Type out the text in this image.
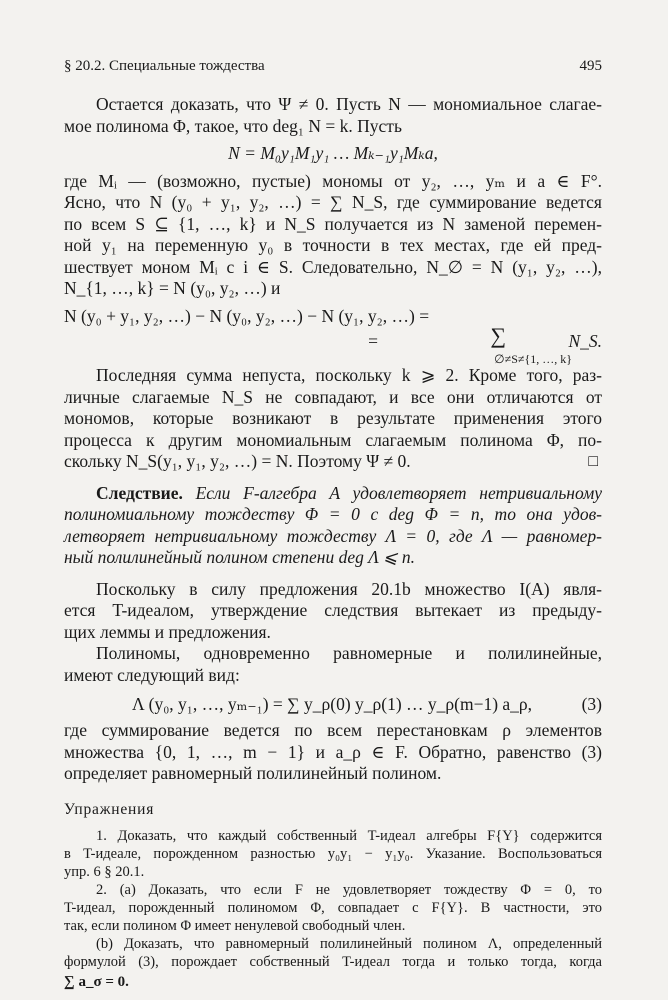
§ 20.2. Специальные тождества	495
Остается доказать, что Ψ ≠ 0. Пусть N — мономиальное слагае-
мое полинома Φ, такое, что deg₁ N = k. Пусть
N = M₀y₁M₁y₁ … Mₖ₋₁y₁Mₖa,
где Mᵢ — (возможно, пустые) мономы от y₂, …, yₘ и a ∈ F°.
Ясно, что N (y₀ + y₁, y₂, …) = ∑ N_S, где суммирование ведется
по всем S ⊆ {1, …, k} и N_S получается из N заменой перемен-
ной y₁ на переменную y₀ в точности в тех местах, где ей пред-
шествует моном Mᵢ с i ∈ S. Следовательно, N_∅ = N (y₁, y₂, …),
N_{1, …, k} = N (y₀, y₂, …) и
N (y₀ + y₁, y₂, …) − N (y₀, y₂, …) − N (y₁, y₂, …) =
=	∑
∅≠S≠{1, …, k}
N_S.
Последняя сумма непуста, поскольку k ⩾ 2. Кроме того, раз-
личные слагаемые N_S не совпадают, и все они отличаются от
мономов, которые возникают в результате применения этого
процесса к другим мономиальным слагаемым полинома Φ, по-
скольку N_S(y₁, y₁, y₂, …) = N. Поэтому Ψ ≠ 0.	□
Следствие. Если F-алгебра A удовлетворяет нетривиальному
полиномиальному тождеству Φ = 0 с deg Φ = n, то она удов-
летворяет нетривиальному тождеству Λ = 0, где Λ — равномер-
ный полилинейный полином степени deg Λ ⩽ n.
Поскольку в силу предложения 20.1b множество I(A) явля-
ется T-идеалом, утверждение следствия вытекает из предыду-
щих леммы и предложения.
Полиномы, одновременно равномерные и полилинейные,
имеют следующий вид:
Λ (y₀, y₁, …, yₘ₋₁) = ∑ y_ρ(0) y_ρ(1) … y_ρ(m−1) a_ρ,	(3)
где суммирование ведется по всем перестановкам ρ элементов
множества {0, 1, …, m − 1} и a_ρ ∈ F. Обратно, равенство (3)
определяет равномерный полилинейный полином.
Упражнения
1. Доказать, что каждый собственный T-идеал алгебры F{Y} содержится
в T-идеале, порожденном разностью y₀y₁ − y₁y₀. Указание. Воспользоваться
упр. 6 § 20.1.
2. (a) Доказать, что если F не удовлетворяет тождеству Φ = 0, то
T-идеал, порожденный полиномом Φ, совпадает с F{Y}. В частности, это
так, если полином Φ имеет ненулевой свободный член.
(b) Доказать, что равномерный полилинейный полином Λ, определенный
формулой (3), порождает собственный T-идеал тогда и только тогда, когда
∑ a_σ = 0.
